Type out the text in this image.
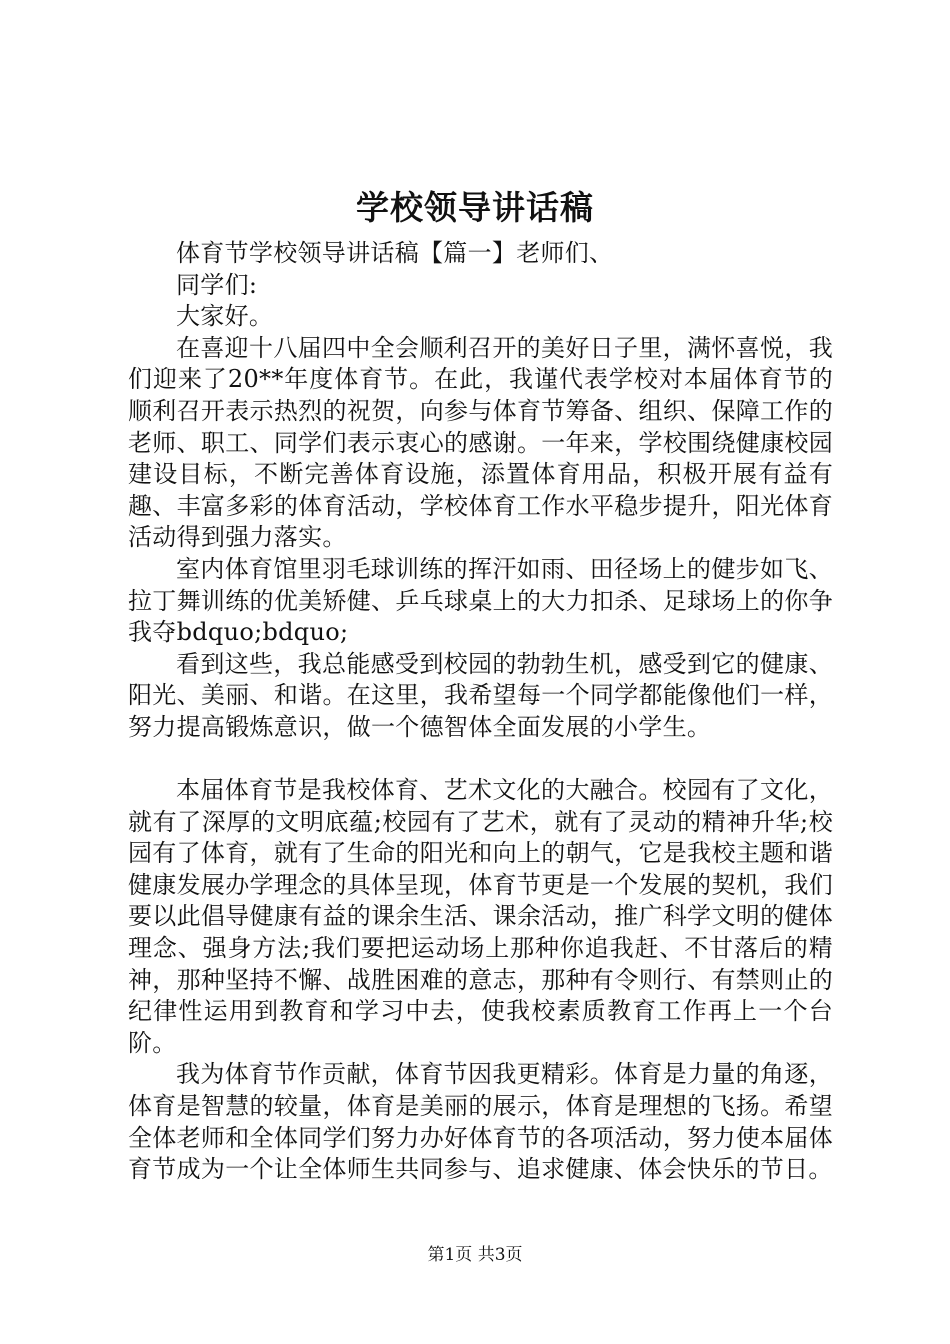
学校领导讲话稿

体育节学校领导讲话稿【篇一】老师们、

同学们:

大家好。

在喜迎十八届四中全会顺利召开的美好日子里，满怀喜悦，我们迎来了20**年度体育节。在此，我谨代表学校对本届体育节的顺利召开表示热烈的祝贺，向参与体育节筹备、组织、保障工作的老师、职工、同学们表示衷心的感谢。一年来，学校围绕健康校园建设目标，不断完善体育设施，添置体育用品，积极开展有益有趣、丰富多彩的体育活动，学校体育工作水平稳步提升，阳光体育活动得到强力落实。

室内体育馆里羽毛球训练的挥汗如雨、田径场上的健步如飞、拉丁舞训练的优美矫健、乒乓球桌上的大力扣杀、足球场上的你争我夺bdquo;bdquo;

看到这些，我总能感受到校园的勃勃生机，感受到它的健康、阳光、美丽、和谐。在这里，我希望每一个同学都能像他们一样，努力提高锻炼意识，做一个德智体全面发展的小学生。

本届体育节是我校体育、艺术文化的大融合。校园有了文化，就有了深厚的文明底蕴;校园有了艺术，就有了灵动的精神升华;校园有了体育，就有了生命的阳光和向上的朝气，它是我校主题和谐健康发展办学理念的具体呈现，体育节更是一个发展的契机，我们要以此倡导健康有益的课余生活、课余活动，推广科学文明的健体理念、强身方法;我们要把运动场上那种你追我赶、不甘落后的精神，那种坚持不懈、战胜困难的意志，那种有令则行、有禁则止的纪律性运用到教育和学习中去，使我校素质教育工作再上一个台阶。

我为体育节作贡献，体育节因我更精彩。体育是力量的角逐，体育是智慧的较量，体育是美丽的展示，体育是理想的飞扬。希望全体老师和全体同学们努力办好体育节的各项活动，努力使本届体育节成为一个让全体师生共同参与、追求健康、体会快乐的节日。

第1页 共3页
